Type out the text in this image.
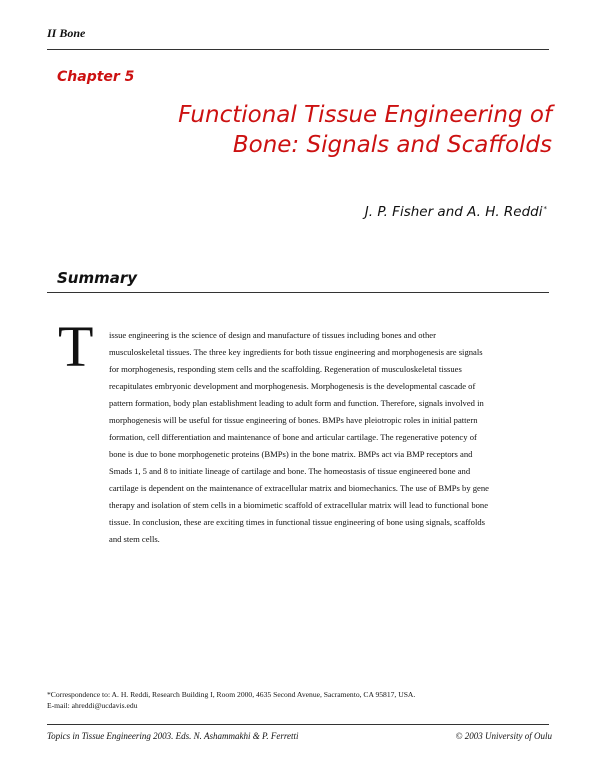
II Bone
Chapter 5
Functional Tissue Engineering of
Bone: Signals and Scaffolds
J. P. Fisher and A. H. Reddi*
Summary
T issue engineering is the science of design and manufacture of tissues including bones and other
musculoskeletal tissues. The three key ingredients for both tissue engineering and morphogenesis are signals
for morphogenesis, responding stem cells and the scaffolding. Regeneration of musculoskeletal tissues
recapitulates embryonic development and morphogenesis. Morphogenesis is the developmental cascade of
pattern formation, body plan establishment leading to adult form and function. Therefore, signals involved in
morphogenesis will be useful for tissue engineering of bones. BMPs have pleiotropic roles in initial pattern
formation, cell differentiation and maintenance of bone and articular cartilage. The regenerative potency of
bone is due to bone morphogenetic proteins (BMPs) in the bone matrix. BMPs act via BMP receptors and
Smads 1, 5 and 8 to initiate lineage of cartilage and bone. The homeostasis of tissue engineered bone and
cartilage is dependent on the maintenance of extracellular matrix and biomechanics. The use of BMPs by gene
therapy and isolation of stem cells in a biomimetic scaffold of extracellular matrix will lead to functional bone
tissue. In conclusion, these are exciting times in functional tissue engineering of bone using signals, scaffolds
and stem cells.
*Correspondence to: A. H. Reddi, Research Building I, Room 2000, 4635 Second Avenue, Sacramento, CA 95817, USA.
E-mail: ahreddi@ucdavis.edu
Topics in Tissue Engineering 2003. Eds. N. Ashammakhi & P. Ferretti	© 2003 University of Oulu
